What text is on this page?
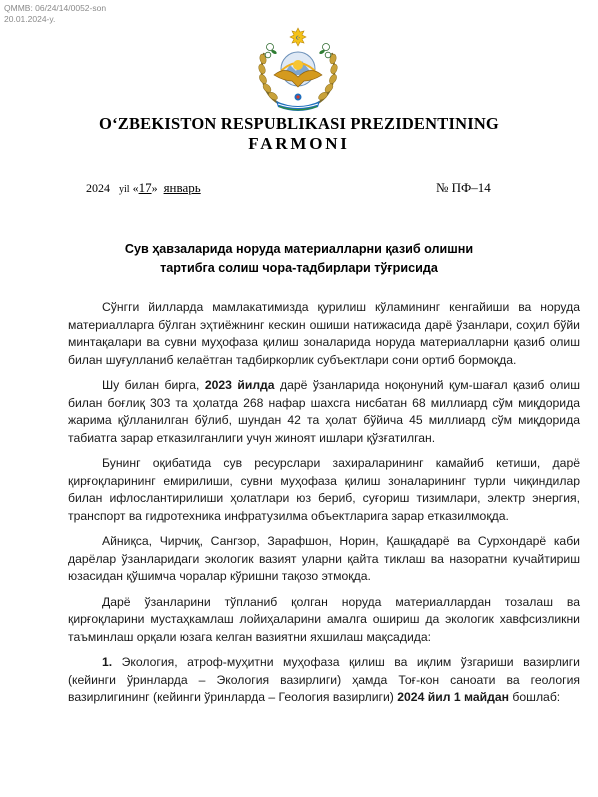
QMMB: 06/24/14/0052-son
20.01.2024-y.
☪
O‘ZBEKISTON RESPUBLIKASI PREZIDENTINING
FARMONI
2024 yil «17» январь	№ ПФ–14
Сув ҳавзаларида норуда материалларни қазиб олишни
тартибга солиш чора-тадбирлари тўғрисида

Сўнгги йилларда мамлакатимизда қурилиш кўламининг кенгайиши ва норуда материалларга бўлган эҳтиёжнинг кескин ошиши натижасида дарё ўзанлари, соҳил бўйи минтақалари ва сувни муҳофаза қилиш зоналарида норуда материалларни қазиб олиш билан шуғулланиб келаётган тадбиркорлик субъектлари сони ортиб бормоқда.

Шу билан бирга, 2023 йилда дарё ўзанларида ноқонуний қум-шағал қазиб олиш билан боғлиқ 303 та ҳолатда 268 нафар шахсга нисбатан 68 миллиард сўм миқдорида жарима қўлланилган бўлиб, шундан 42 та ҳолат бўйича 45 миллиард сўм миқдорида табиатга зарар етказилганлиги учун жиноят ишлари қўзғатилган.

Бунинг оқибатида сув ресурслари захираларининг камайиб кетиши, дарё қирғоқларининг емирилиши, сувни муҳофаза қилиш зоналарининг турли чиқиндилар билан ифлослантирилиши ҳолатлари юз бериб, суғориш тизимлари, электр энергия, транспорт ва гидротехника инфратузилма объектларига зарар етказилмоқда.

Айниқса, Чирчиқ, Сангзор, Зарафшон, Норин, Қашқадарё ва Сурхондарё каби дарёлар ўзанларидаги экологик вазият уларни қайта тиклаш ва назоратни кучайтириш юзасидан қўшимча чоралар кўришни тақозо этмоқда.

Дарё ўзанларини тўпланиб қолган норуда материаллардан тозалаш ва қирғоқларини мустаҳкамлаш лойиҳаларини амалга ошириш да экологик хавфсизликни таъминлаш орқали юзага келган вазиятни яхшилаш мақсадида:

1. Экология, атроф-муҳитни муҳофаза қилиш ва иқлим ўзгариши вазирлиги (кейинги ўринларда – Экология вазирлиги) ҳамда Тоғ-кон саноати ва геология вазирлигининг (кейинги ўринларда – Геология вазирлиги) 2024 йил 1 майдан бошлаб:
